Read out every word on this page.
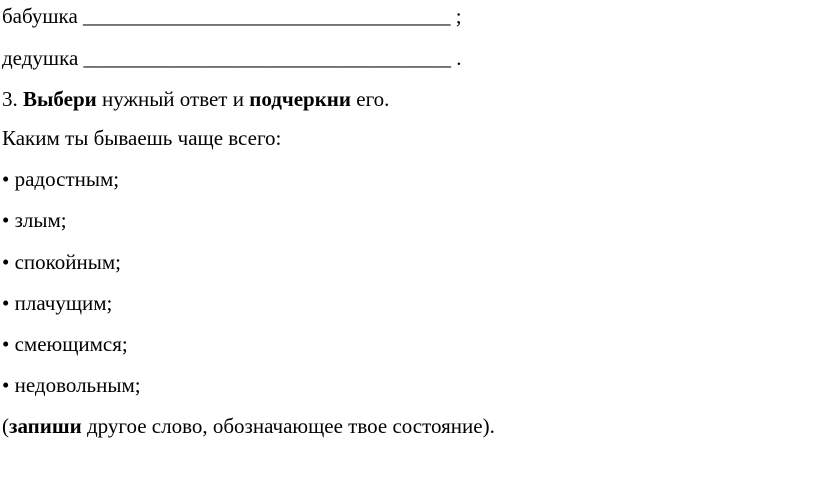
бабушка ___________________________________ ;
дедушка ___________________________________ .
3. Выбери нужный ответ и подчеркни его.
Каким ты бываешь чаще всего:
• радостным;
• злым;
• спокойным;
• плачущим;
• смеющимся;
• недовольным;
(запиши другое слово, обозначающее твое состояние).
